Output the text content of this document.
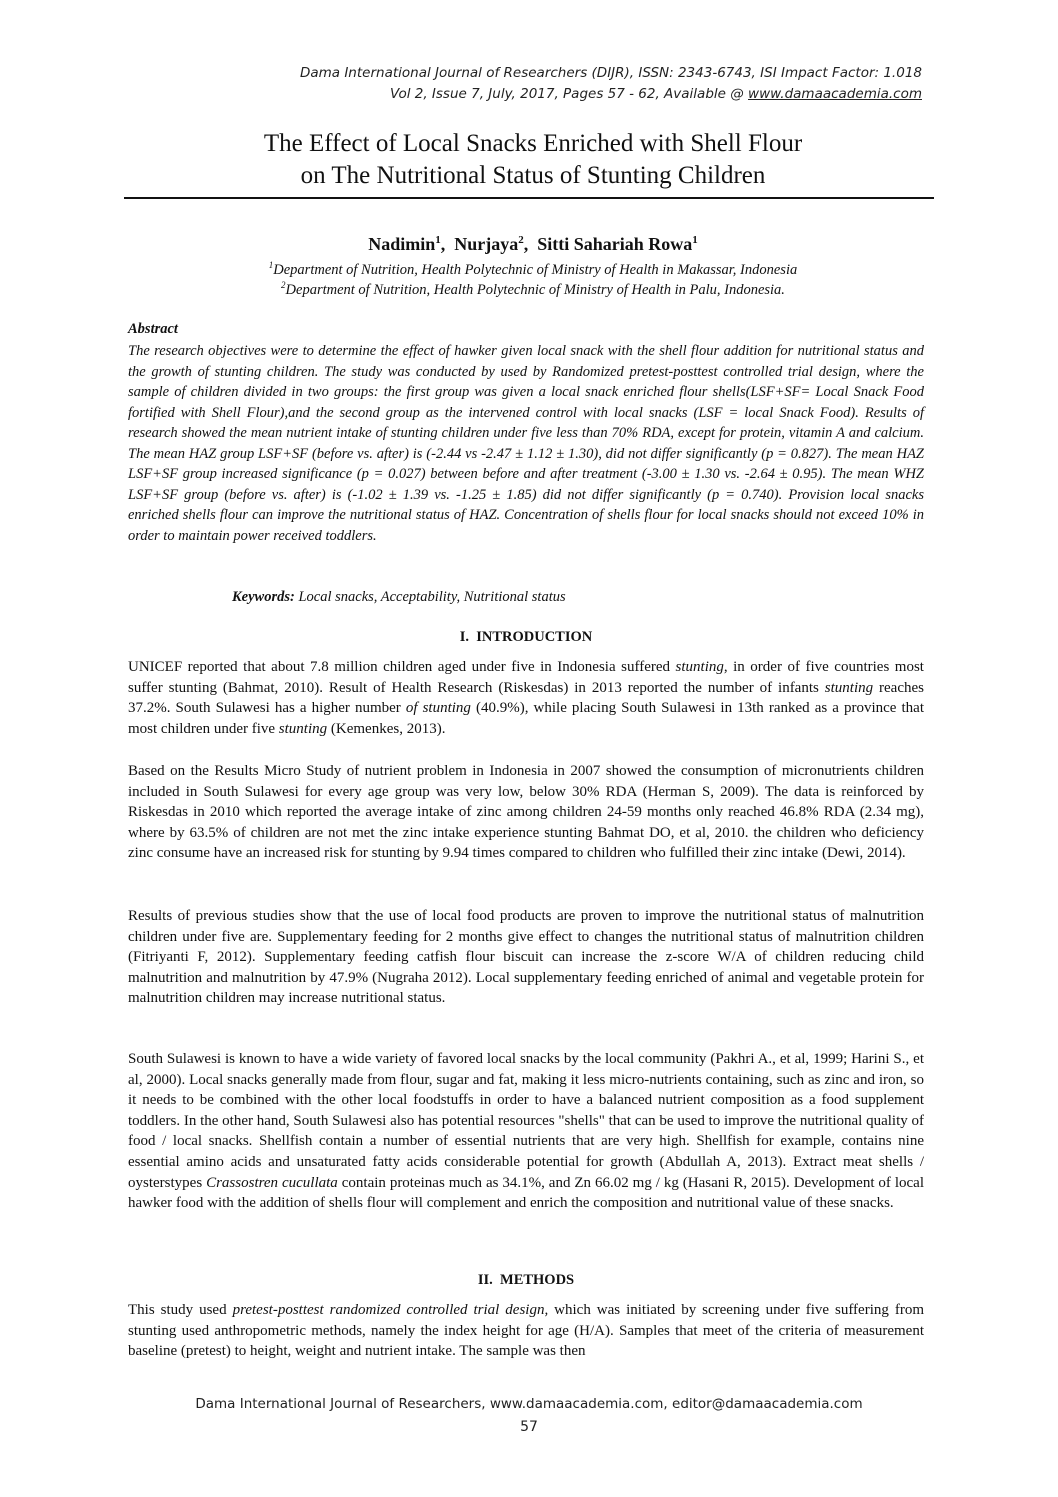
Dama International Journal of Researchers (DIJR), ISSN: 2343-6743, ISI Impact Factor: 1.018
Vol 2, Issue 7, July, 2017, Pages 57 - 62, Available @ www.damaacademia.com
The Effect of Local Snacks Enriched with Shell Flour
on The Nutritional Status of Stunting Children
Nadimin$^1$,  Nurjaya$^2$,  Sitti Sahariah Rowa$^1$
$^1$Department of Nutrition, Health Polytechnic of Ministry of Health in Makassar, Indonesia
$^2$Department of Nutrition, Health Polytechnic of Ministry of Health in Palu, Indonesia.
Abstract
The research objectives were to determine the effect of hawker given local snack with the shell flour addition for nutritional status and the growth of stunting children. The study was conducted by used by Randomized pretest-posttest controlled trial design, where the sample of children divided in two groups: the first group was given a local snack enriched flour shells(LSF+SF= Local Snack Food fortified with Shell Flour),and the second group as the intervened control with local snacks (LSF = local Snack Food). Results of research showed the mean nutrient intake of stunting children under five less than 70% RDA, except for protein, vitamin A and calcium. The mean HAZ group LSF+SF (before vs. after) is (-2.44 vs -2.47 ± 1.12 ± 1.30), did not differ significantly (p = 0.827). The mean HAZ LSF+SF group increased significance (p = 0.027) between before and after treatment (-3.00 ± 1.30 vs. -2.64 ± 0.95). The mean WHZ LSF+SF group (before vs. after) is (-1.02 ± 1.39 vs. -1.25 ± 1.85) did not differ significantly (p = 0.740). Provision local snacks enriched shells flour can improve the nutritional status of HAZ. Concentration of shells flour for local snacks should not exceed 10% in order to maintain power received toddlers.
Keywords: Local snacks, Acceptability, Nutritional status
I.  INTRODUCTION
UNICEF reported that about 7.8 million children aged under five in Indonesia suffered stunting, in order of five countries most suffer stunting (Bahmat, 2010). Result of Health Research (Riskesdas) in 2013 reported the number of infants stunting reaches 37.2%. South Sulawesi has a higher number of stunting (40.9%), while placing South Sulawesi in 13th ranked as a province that most children under five stunting (Kemenkes, 2013).
Based on the Results Micro Study of nutrient problem in Indonesia in 2007 showed the consumption of micronutrients children included in South Sulawesi for every age group was very low, below 30% RDA (Herman S, 2009). The data is reinforced by Riskesdas in 2010 which reported the average intake of zinc among children 24-59 months only reached 46.8% RDA (2.34 mg), where by 63.5% of children are not met the zinc intake experience stunting Bahmat DO, et al, 2010. the children who deficiency zinc consume have an increased risk for stunting by 9.94 times compared to children who fulfilled their zinc intake (Dewi, 2014).
Results of previous studies show that the use of local food products are proven to improve the nutritional status of malnutrition children under five are. Supplementary feeding for 2 months give effect to changes the nutritional status of malnutrition children (Fitriyanti F, 2012). Supplementary feeding catfish flour biscuit can increase the z-score W/A of children reducing child malnutrition and malnutrition by 47.9% (Nugraha 2012). Local supplementary feeding enriched of animal and vegetable protein for malnutrition children may increase nutritional status.
South Sulawesi is known to have a wide variety of favored local snacks by the local community (Pakhri A., et al, 1999; Harini S., et al, 2000). Local snacks generally made from flour, sugar and fat, making it less micro-nutrients containing, such as zinc and iron, so it needs to be combined with the other local foodstuffs in order to have a balanced nutrient composition as a food supplement toddlers. In the other hand, South Sulawesi also has potential resources "shells" that can be used to improve the nutritional quality of food / local snacks. Shellfish contain a number of essential nutrients that are very high. Shellfish for example, contains nine essential amino acids and unsaturated fatty acids considerable potential for growth (Abdullah A, 2013). Extract meat shells / oysterstypes Crassostren cucullata contain proteinas much as 34.1%, and Zn 66.02 mg / kg (Hasani R, 2015). Development of local hawker food with the addition of shells flour will complement and enrich the composition and nutritional value of these snacks.
II.  METHODS
This study used pretest-posttest randomized controlled trial design, which was initiated by screening under five suffering from stunting used anthropometric methods, namely the index height for age (H/A). Samples that meet of the criteria of measurement baseline (pretest) to height, weight and nutrient intake. The sample was then
Dama International Journal of Researchers, www.damaacademia.com, editor@damaacademia.com
57
